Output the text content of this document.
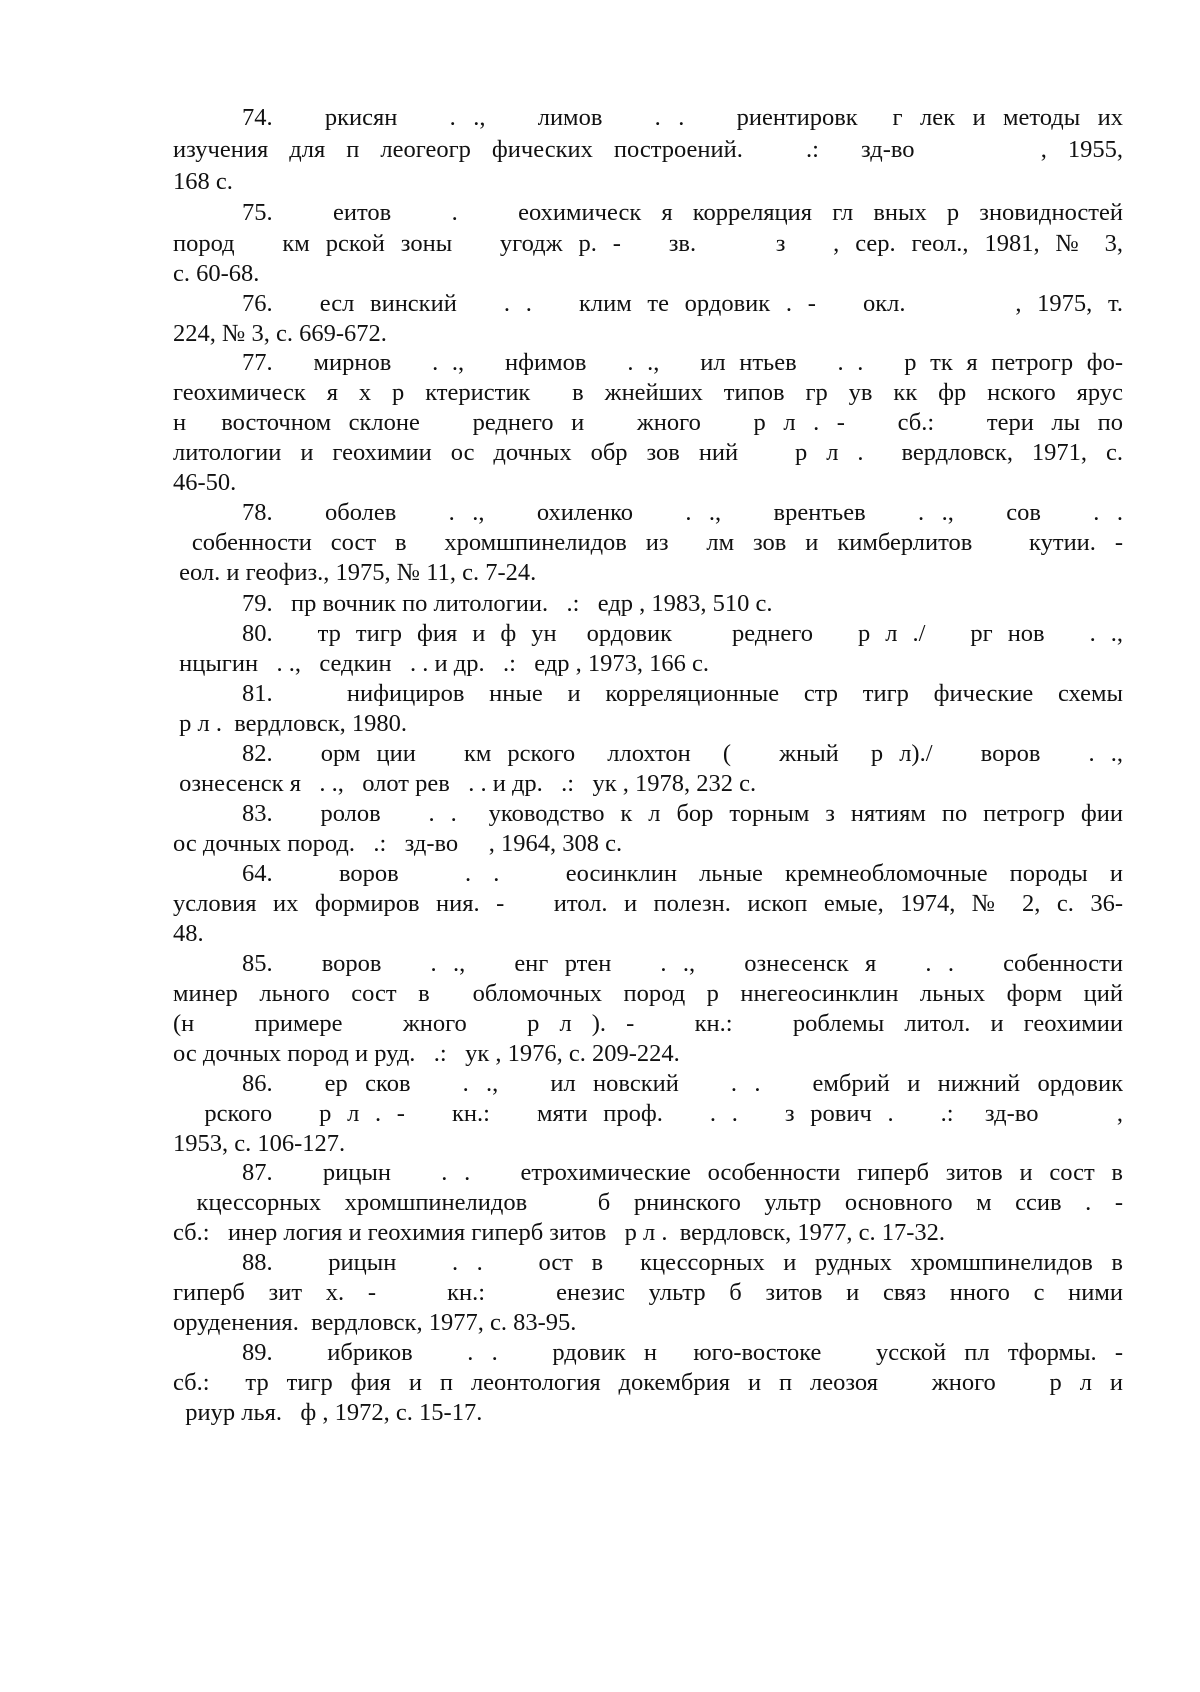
74.   ркисян   . .,   лимов   . .   риентировк  г лек и методы их
изучения для п леогеогр фических построений.   .:  зд-во      , 1955,
168 с.
75.   еитов   .   еохимическ я корреляция гл вных р зновидностей
пород   км рской зоны   угодж р. -   зв.     з   , сер. геол., 1981, № 3,
с. 60-68.
76.   есл винский   . .   клим те ордовик . -   окл.       , 1975, т.
224, № 3, с. 669-672.
77.   мирнов   . .,   нфимов   . .,   ил нтьев   . .   р тк я петрогр фо-
геохимическ я х р ктеристик  в жнейших типов гр ув кк фр нского ярус
н  восточном склоне   реднего и   жного   р л . -   сб.:   тери лы по
литологии и геохимии ос дочных обр зов ний   р л .  вердловск, 1971, с.
46-50.
78.   оболев   . .,   охиленко   . .,   врентьев   . .,   сов   . .
собенности сост в  хромшпинелидов из  лм зов и кимберлитов   кутии. -
еол. и геофиз., 1975, № 11, с. 7-24.
79.   пр вочник по литологии.   .:   едр , 1983, 510 с.
80.   тр тигр фия и ф ун  ордовик    реднего   р л ./   рг нов   . .,
нцыгин   . .,   седкин   . . и др.   .:   едр , 1973, 166 с.
81.   нифициров нные и корреляционные стр тигр фические схемы
р л .  вердловск, 1980.
82.   орм ции   км рского  ллохтон  (   жный  р л)./   воров   . .,
ознесенск я   . .,   олот рев   . . и др.   .:   ук , 1978, 232 с.
83.   ролов   . .  уководство к л бор торным з нятиям по петрогр фии
ос дочных пород.   .:   зд-во     , 1964, 308 с.
64.   воров   . .   еосинклин льные кремнеобломочные породы и
условия их формиров ния. -   итол. и полезн. ископ емые, 1974, № 2, с. 36-
48.
85.   воров   . .,   енг ртен   . .,   ознесенск я   . .   собенности
минер льного сост в  обломочных пород р ннегеосинклин льных форм ций
(н   примере   жного   р л ). -   кн.:   роблемы литол. и геохимии
ос дочных пород и руд.   .:   ук , 1976, с. 209-224.
86.   ер сков   . .,   ил новский   . .   ембрий и нижний ордовик
рского   р л . -   кн.:   мяти проф.   . .   з рович .   .:  зд-во     ,
1953, с. 106-127.
87.   рицын   . .   етрохимические особенности гиперб зитов и сост в
кцессорных хромшпинелидов   б рнинского ультр основного м ссив . -
сб.:   инер логия и геохимия гиперб зитов   р л .  вердловск, 1977, с. 17-32.
88.   рицын   . .   ост в  кцессорных и рудных хромшпинелидов в
гиперб зит х. -   кн.:   енезис ультр б зитов и связ нного с ними
оруденения.  вердловск, 1977, с. 83-95.
89.   ибриков   . .   рдовик н  юго-востоке   усской пл тформы. -
сб.:  тр тигр фия и п леонтология докембрия и п леозоя   жного   р л и
риур лья.   ф , 1972, с. 15-17.
